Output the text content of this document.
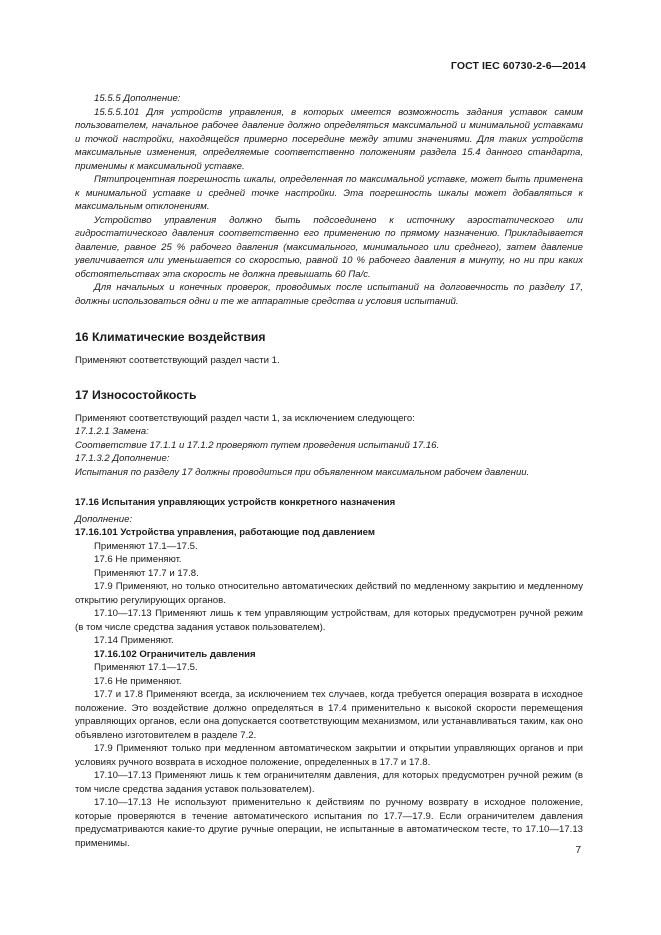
ГОСТ IEC 60730-2-6—2014

15.5.5 Дополнение:

15.5.5.101 Для устройств управления, в которых имеется возможность задания уставок самим пользователем, начальное рабочее давление должно определяться максимальной и минимальной уставками и точкой настройки, находящейся примерно посередине между этими значениями. Для таких устройств максимальные изменения, определяемые соответственно положениям раздела 15.4 данного стандарта, применимы к максимальной уставке.

Пятипроцентная погрешность шкалы, определенная по максимальной уставке, может быть применена к минимальной уставке и средней точке настройки. Эта погрешность шкалы может добавляться к максимальным отклонениям.

Устройство управления должно быть подсоединено к источнику аэростатического или гидростатического давления соответственно его применению по прямому назначению. Прикладывается давление, равное 25 % рабочего давления (максимального, минимального или среднего), затем давление увеличивается или уменьшается со скоростью, равной 10 % рабочего давления в минуту, но ни при каких обстоятельствах эта скорость не должна превышать 60 Па/с.

Для начальных и конечных проверок, проводимых после испытаний на долговечность по разделу 17, должны использоваться одни и те же аппаратные средства и условия испытаний.

16 Климатические воздействия

Применяют соответствующий раздел части 1.

17 Износостойкость

Применяют соответствующий раздел части 1, за исключением следующего:

17.1.2.1 Замена:

Соответствие 17.1.1 и 17.1.2 проверяют путем проведения испытаний 17.16.

17.1.3.2 Дополнение:

Испытания по разделу 17 должны проводиться при объявленном максимальном рабочем давлении.

17.16 Испытания управляющих устройств конкретного назначения

Дополнение:

17.16.101 Устройства управления, работающие под давлением

Применяют 17.1—17.5.

17.6 Не применяют.

Применяют 17.7 и 17.8.

17.9 Применяют, но только относительно автоматических действий по медленному закрытию и медленному открытию регулирующих органов.

17.10—17.13 Применяют лишь к тем управляющим устройствам, для которых предусмотрен ручной режим (в том числе средства задания уставок пользователем).

17.14 Применяют.

17.16.102 Ограничитель давления

Применяют 17.1—17.5.

17.6 Не применяют.

17.7 и 17.8 Применяют всегда, за исключением тех случаев, когда требуется операция возврата в исходное положение. Это воздействие должно определяться в 17.4 применительно к высокой скорости перемещения управляющих органов, если она допускается соответствующим механизмом, или устанавливаться таким, как оно объявлено изготовителем в разделе 7.2.

17.9 Применяют только при медленном автоматическом закрытии и открытии управляющих органов и при условиях ручного возврата в исходное положение, определенных в 17.7 и 17.8.

17.10—17.13 Применяют лишь к тем ограничителям давления, для которых предусмотрен ручной режим (в том числе средства задания уставок пользователем).

17.10—17.13 Не используют применительно к действиям по ручному возврату в исходное положение, которые проверяются в течение автоматического испытания по 17.7—17.9. Если ограничителем давления предусматриваются какие-то другие ручные операции, не испытанные в автоматическом тесте, то 17.10—17.13 применимы.

7
